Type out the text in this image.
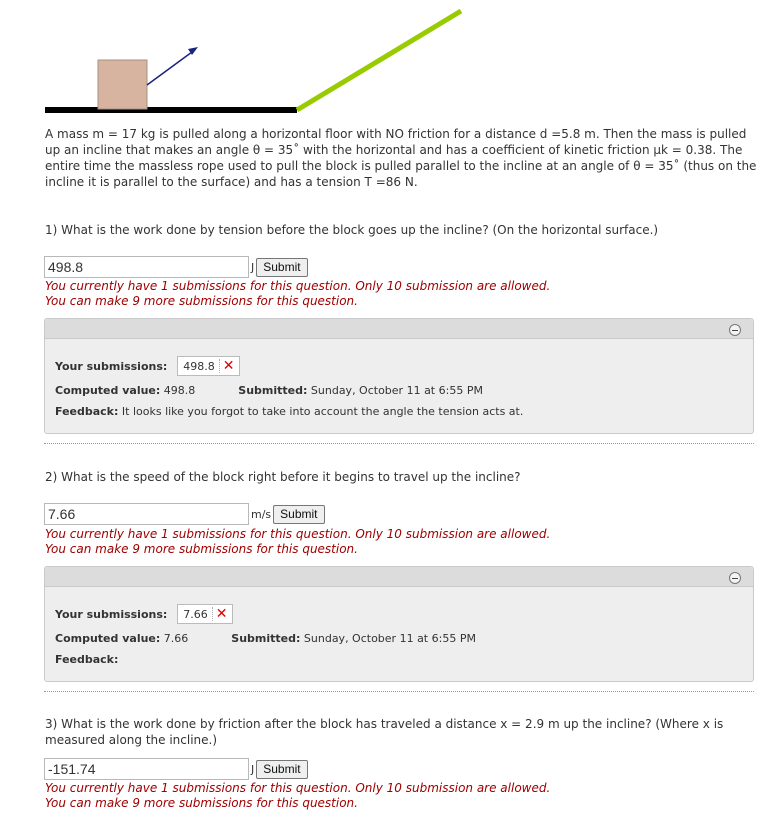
A mass m = 17 kg is pulled along a horizontal floor with NO friction for a distance d =5.8 m. Then the mass is pulled up an incline that makes an angle θ = 35˚ with the horizontal and has a coefficient of kinetic friction μk = 0.38. The entire time the massless rope used to pull the block is pulled parallel to the incline at an angle of θ = 35˚ (thus on the incline it is parallel to the surface) and has a tension T =86 N.
1) What is the work done by tension before the block goes up the incline? (On the horizontal surface.)
498.8
J Submit
You currently have 1 submissions for this question. Only 10 submission are allowed.
You can make 9 more submissions for this question.
Your submissions: 498.8 ✕
Computed value: 498.8	Submitted: Sunday, October 11 at 6:55 PM
Feedback: It looks like you forgot to take into account the angle the tension acts at.
2) What is the speed of the block right before it begins to travel up the incline?
7.66
m/s Submit
You currently have 1 submissions for this question. Only 10 submission are allowed.
You can make 9 more submissions for this question.
Your submissions: 7.66 ✕
Computed value: 7.66	Submitted: Sunday, October 11 at 6:55 PM
Feedback:
3) What is the work done by friction after the block has traveled a distance x = 2.9 m up the incline? (Where x is measured along the incline.)
-151.74
J Submit
You currently have 1 submissions for this question. Only 10 submission are allowed.
You can make 9 more submissions for this question.
